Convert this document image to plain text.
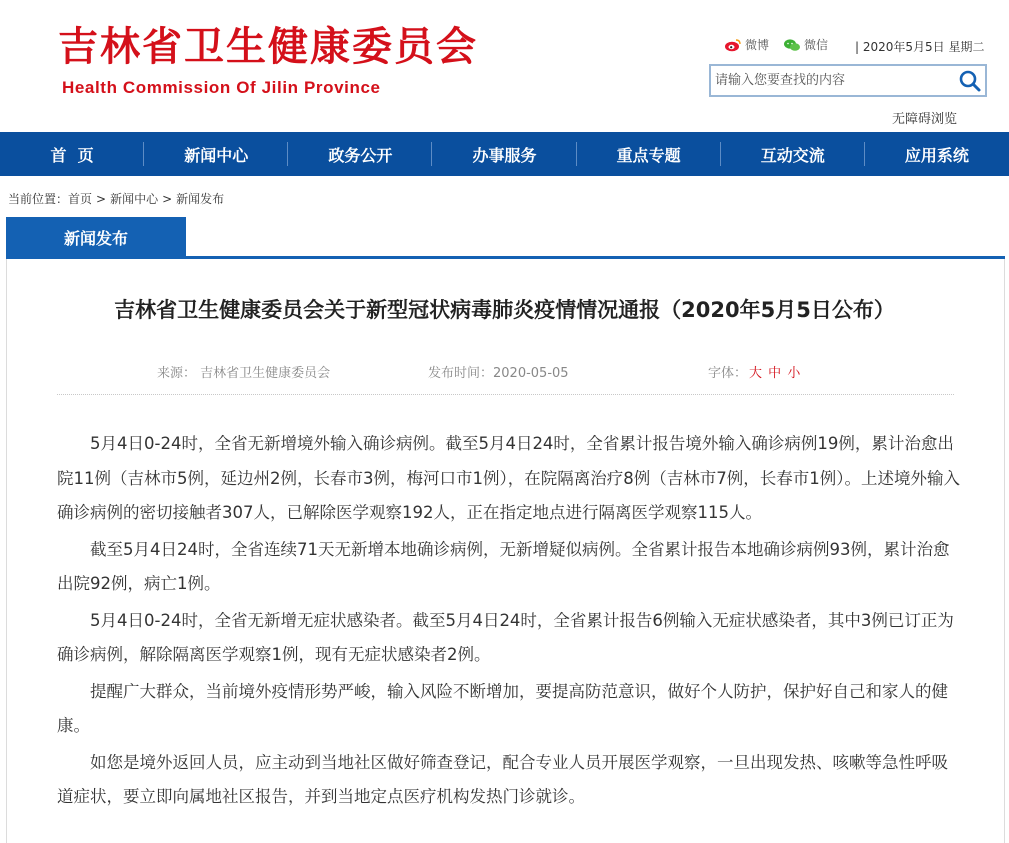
吉林省卫生健康委员会
Health Commission Of Jilin Province
微博	微信 | 2020年5月5日 星期二
请输入您要查找的内容
无障碍浏览
首  页	新闻中心	政务公开	办事服务	重点专题	互动交流	应用系统
当前位置：首页 > 新闻中心 > 新闻发布
新闻发布
吉林省卫生健康委员会关于新型冠状病毒肺炎疫情情况通报（2020年5月5日公布）
来源： 吉林省卫生健康委员会	发布时间：2020-05-05	字体： 大 中 小

5月4日0-24时，全省无新增境外输入确诊病例。截至5月4日24时，全省累计报告境外输入确诊病例19例，累计治愈出院11例（吉林市5例，延边州2例，长春市3例，梅河口市1例），在院隔离治疗8例（吉林市7例，长春市1例）。上述境外输入确诊病例的密切接触者307人，已解除医学观察192人，正在指定地点进行隔离医学观察115人。

截至5月4日24时，全省连续71天无新增本地确诊病例，无新增疑似病例。全省累计报告本地确诊病例93例，累计治愈出院92例，病亡1例。

5月4日0-24时，全省无新增无症状感染者。截至5月4日24时，全省累计报告6例输入无症状感染者，其中3例已订正为确诊病例，解除隔离医学观察1例，现有无症状感染者2例。

提醒广大群众，当前境外疫情形势严峻，输入风险不断增加，要提高防范意识，做好个人防护，保护好自己和家人的健康。

如您是境外返回人员，应主动到当地社区做好筛查登记，配合专业人员开展医学观察，一旦出现发热、咳嗽等急性呼吸道症状，要立即向属地社区报告，并到当地定点医疗机构发热门诊就诊。
